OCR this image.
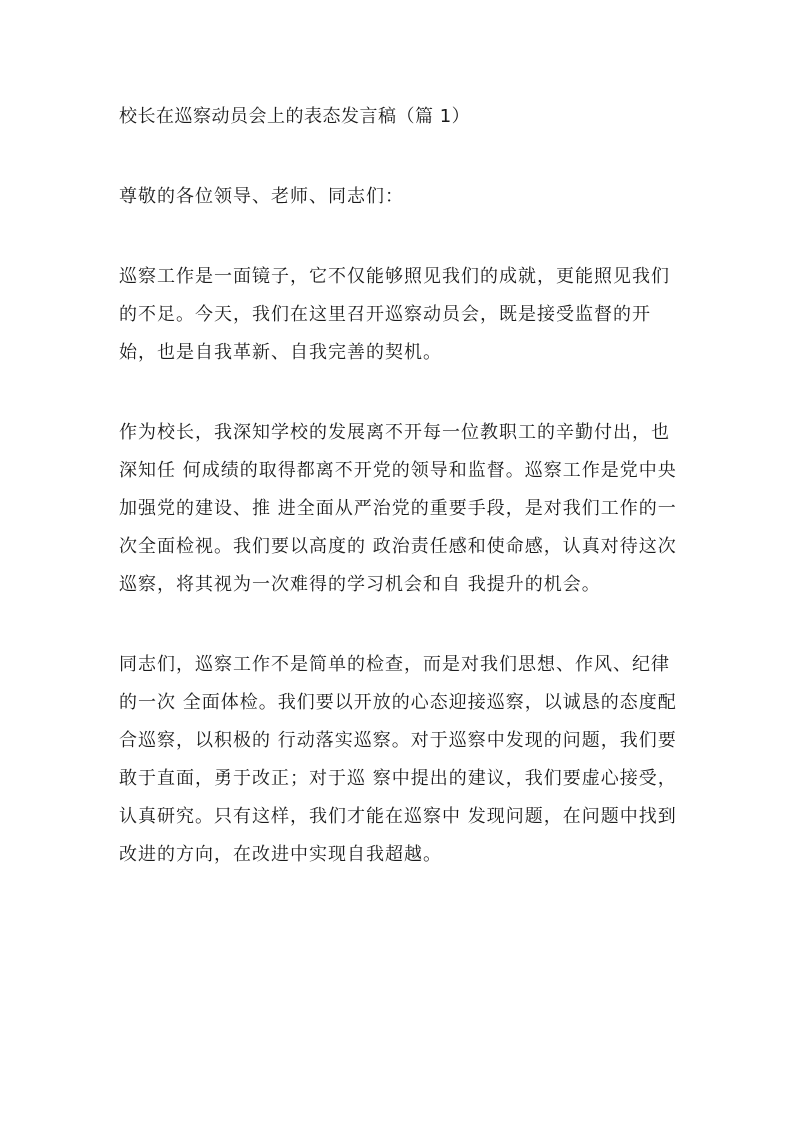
校长在巡察动员会上的表态发言稿（篇 1）

尊敬的各位领导、老师、同志们：

巡察工作是一面镜子，它不仅能够照见我们的成就，更能照见我们的不足。今天，我们在这里召开巡察动员会，既是接受监督的开始，也是自我革新、自我完善的契机。

作为校长，我深知学校的发展离不开每一位教职工的辛勤付出，也深知任 何成绩的取得都离不开党的领导和监督。巡察工作是党中央加强党的建设、推 进全面从严治党的重要手段，是对我们工作的一次全面检视。我们要以高度的 政治责任感和使命感，认真对待这次巡察，将其视为一次难得的学习机会和自 我提升的机会。

同志们，巡察工作不是简单的检查，而是对我们思想、作风、纪律的一次 全面体检。我们要以开放的心态迎接巡察，以诚恳的态度配合巡察，以积极的 行动落实巡察。对于巡察中发现的问题，我们要敢于直面，勇于改正；对于巡 察中提出的建议，我们要虚心接受，认真研究。只有这样，我们才能在巡察中 发现问题，在问题中找到改进的方向，在改进中实现自我超越。
